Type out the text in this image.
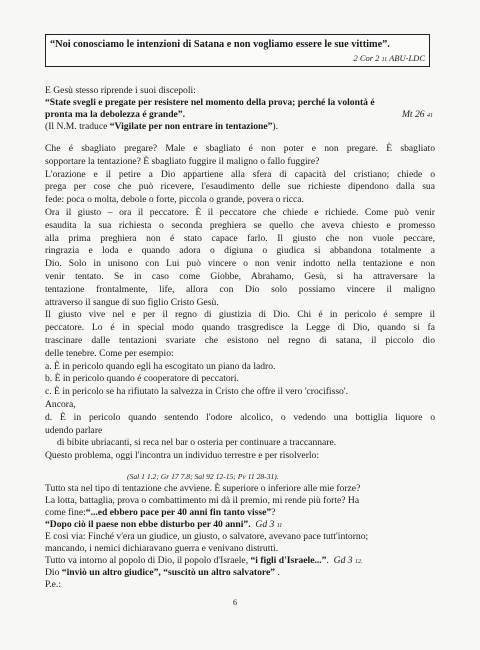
“Noi conosciamo le intenzioni di Satana e non vogliamo essere le sue vittime”.
2 Cor 2 11 ABU-LDC
E Gesù stesso riprende i suoi discepoli:
“State svegli e pregate per resistere nel momento della prova; perché la volontà é
pronta ma la debolezza é grande”.	Mt 26 41
(Il N.M. traduce “Vigilate per non entrare in tentazione”).
Che é sbagliato pregare? Male e sbagliato é non poter e non pregare. È sbagliato
sopportare la tentazione? È sbagliato fuggire il maligno o fallo fuggire?
L'orazione e il petire a Dio appartiene alla sfera di capacità del cristiano; chiede o
prega per cose che può ricevere, l'esaudimento delle sue richieste dipendono dalla sua
fede: poca o molta, debole o forte, piccola o grande, povera o ricca.
Ora il giusto – ora il peccatore. È il peccatore che chiede e richiede. Come può venir
esaudita la sua richiesta o seconda preghiera se quello che aveva chiesto e promesso
alla prima preghiera non é stato capace farlo. Il giusto che non vuole peccare,
ringrazia e loda e quando adora o digiuna o giudica si abbandona totalmente a
Dio. Solo in unisono con Lui può vincere o non venir indotto nella tentazione e non
venir tentato. Se in caso come Giobbe, Abrahamo, Gesù, si ha attraversare la
tentazione frontalmente, life, allora con Dio solo possiamo vincere il maligno
attraverso il sangue di suo figlio Cristo Gesù.
Il giusto vive nel e per il regno di giustizia di Dio. Chi é in pericolo é sempre il
peccatore. Lo é in special modo quando trasgredisce la Legge di Dio, quando si fa
trascinare dalle tentazioni svariate che esistono nel regno di satana, il piccolo dio
delle tenebre. Come per esempio:
a. È in pericolo quando egli ha escogitato un piano da ladro.
b. È in pericolo quando é cooperatore di peccatori.
c. È in pericolo se ha rifiutato la salvezza in Cristo che offre il vero 'crocifisso'.
Ancora,
d. È in pericolo quando sentendo l'odore alcolico, o vedendo una bottiglia liquore o
udendo parlare
di bibite ubriacanti, si reca nel bar o osteria per continuare a traccannare.
Questo problema, oggi l'incontra un individuo terrestre e per risolverlo:
(Sal 1 1.2; Gr 17 7.8; Sal 92 12-15; Pv 11 28-31).
Tutto sta nel tipo di tentazione che avviene. È superiore o inferiore alle mie forze?
La lotta, battaglia, prova o combattimento mi dà il premio, mi rende più forte? Ha
come fine:“...ed ebbero pace per 40 anni fin tanto visse”?
“Dopo ciò il paese non ebbe disturbo per 40 anni”. Gd 3 11
E così via: Finché v'era un giudice, un giusto, o salvatore, avevano pace tutt'intorno;
mancando, i nemici dichiaravano guerra e venivano distrutti.
Tutto va intorno al popolo di Dio, il popolo d'Israele, “i figli d'Israele...”. Gd 3 12.
Dio “inviò un altro giudice”, “suscitò un altro salvatore” .
P.e.:
6
